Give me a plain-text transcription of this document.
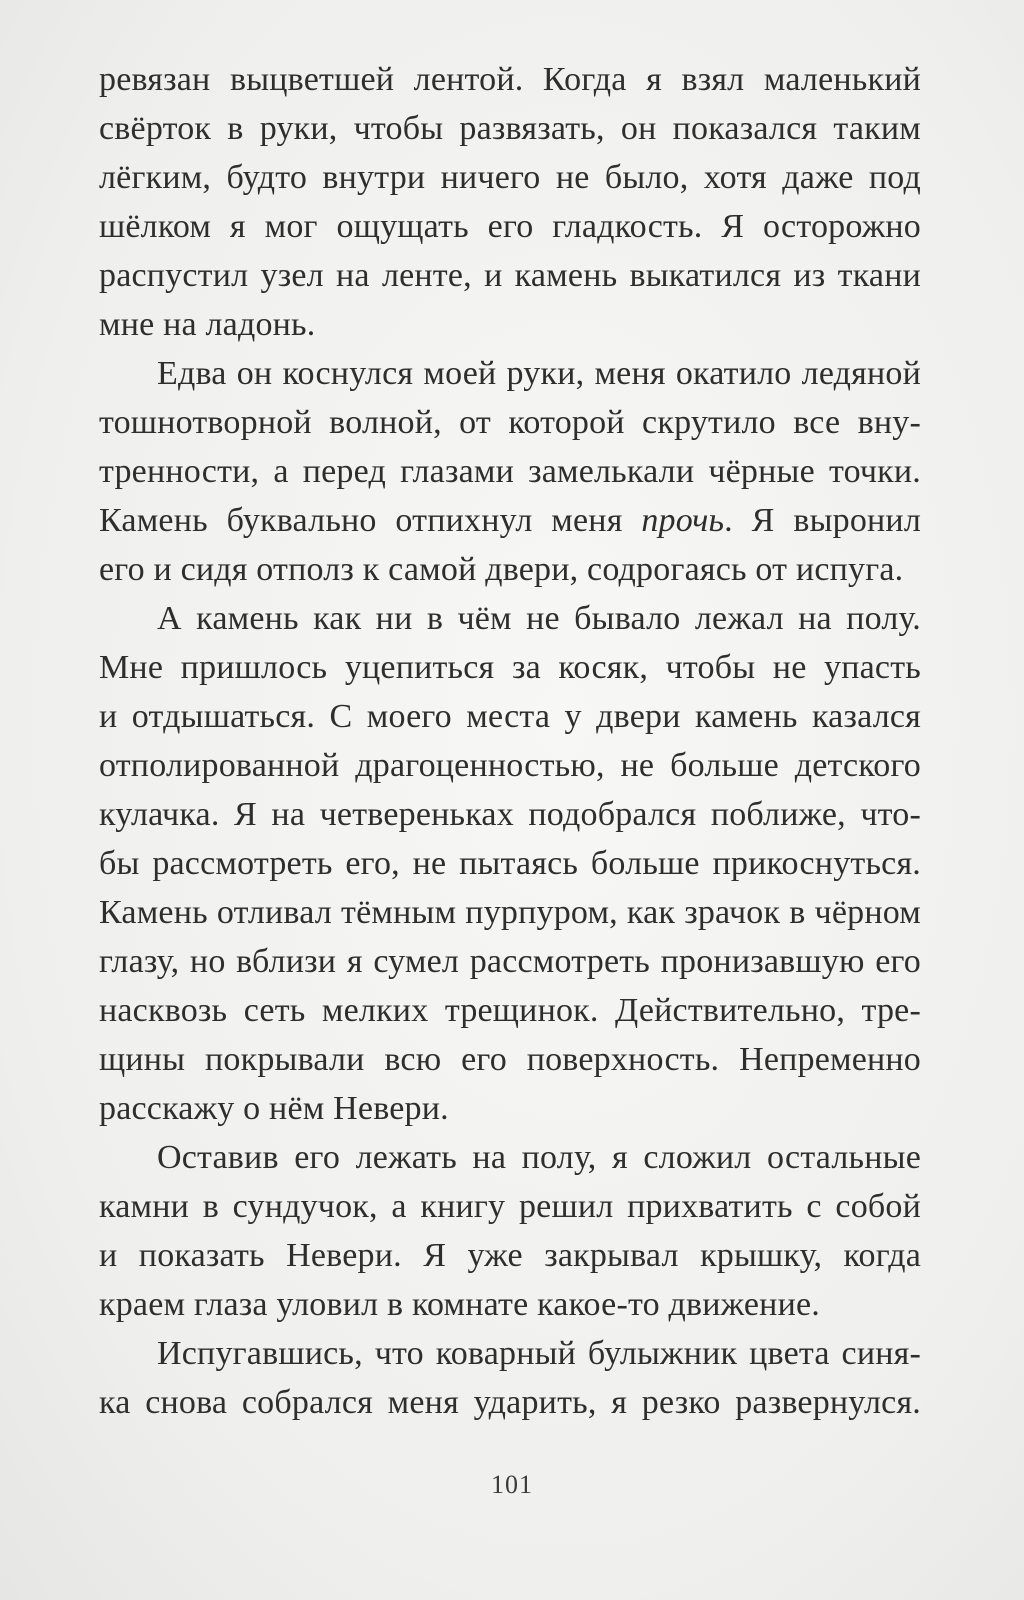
ревязан выцветшей лентой. Когда я взял маленький

свёрток в руки, чтобы развязать, он показался таким

лёгким, будто внутри ничего не было, хотя даже под

шёлком я мог ощущать его гладкость. Я осторожно

распустил узел на ленте, и камень выкатился из ткани

мне на ладонь.

Едва он коснулся моей руки, меня окатило ледяной

тошнотворной волной, от которой скрутило все вну-

тренности, а перед глазами замелькали чёрные точки.

Камень буквально отпихнул меня прочь. Я выронил

его и сидя отполз к самой двери, содрогаясь от испуга.

А камень как ни в чём не бывало лежал на полу.

Мне пришлось уцепиться за косяк, чтобы не упасть

и отдышаться. С моего места у двери камень казался

отполированной драгоценностью, не больше детского

кулачка. Я на четвереньках подобрался поближе, что-

бы рассмотреть его, не пытаясь больше прикоснуться.

Камень отливал тёмным пурпуром, как зрачок в чёрном

глазу, но вблизи я сумел рассмотреть пронизавшую его

насквозь сеть мелких трещинок. Действительно, тре-

щины покрывали всю его поверхность. Непременно

расскажу о нём Невери.

Оставив его лежать на полу, я сложил остальные

камни в сундучок, а книгу решил прихватить с собой

и показать Невери. Я уже закрывал крышку, когда

краем глаза уловил в комнате какое-то движение.

Испугавшись, что коварный булыжник цвета синя-

ка снова собрался меня ударить, я резко развернулся.

101
